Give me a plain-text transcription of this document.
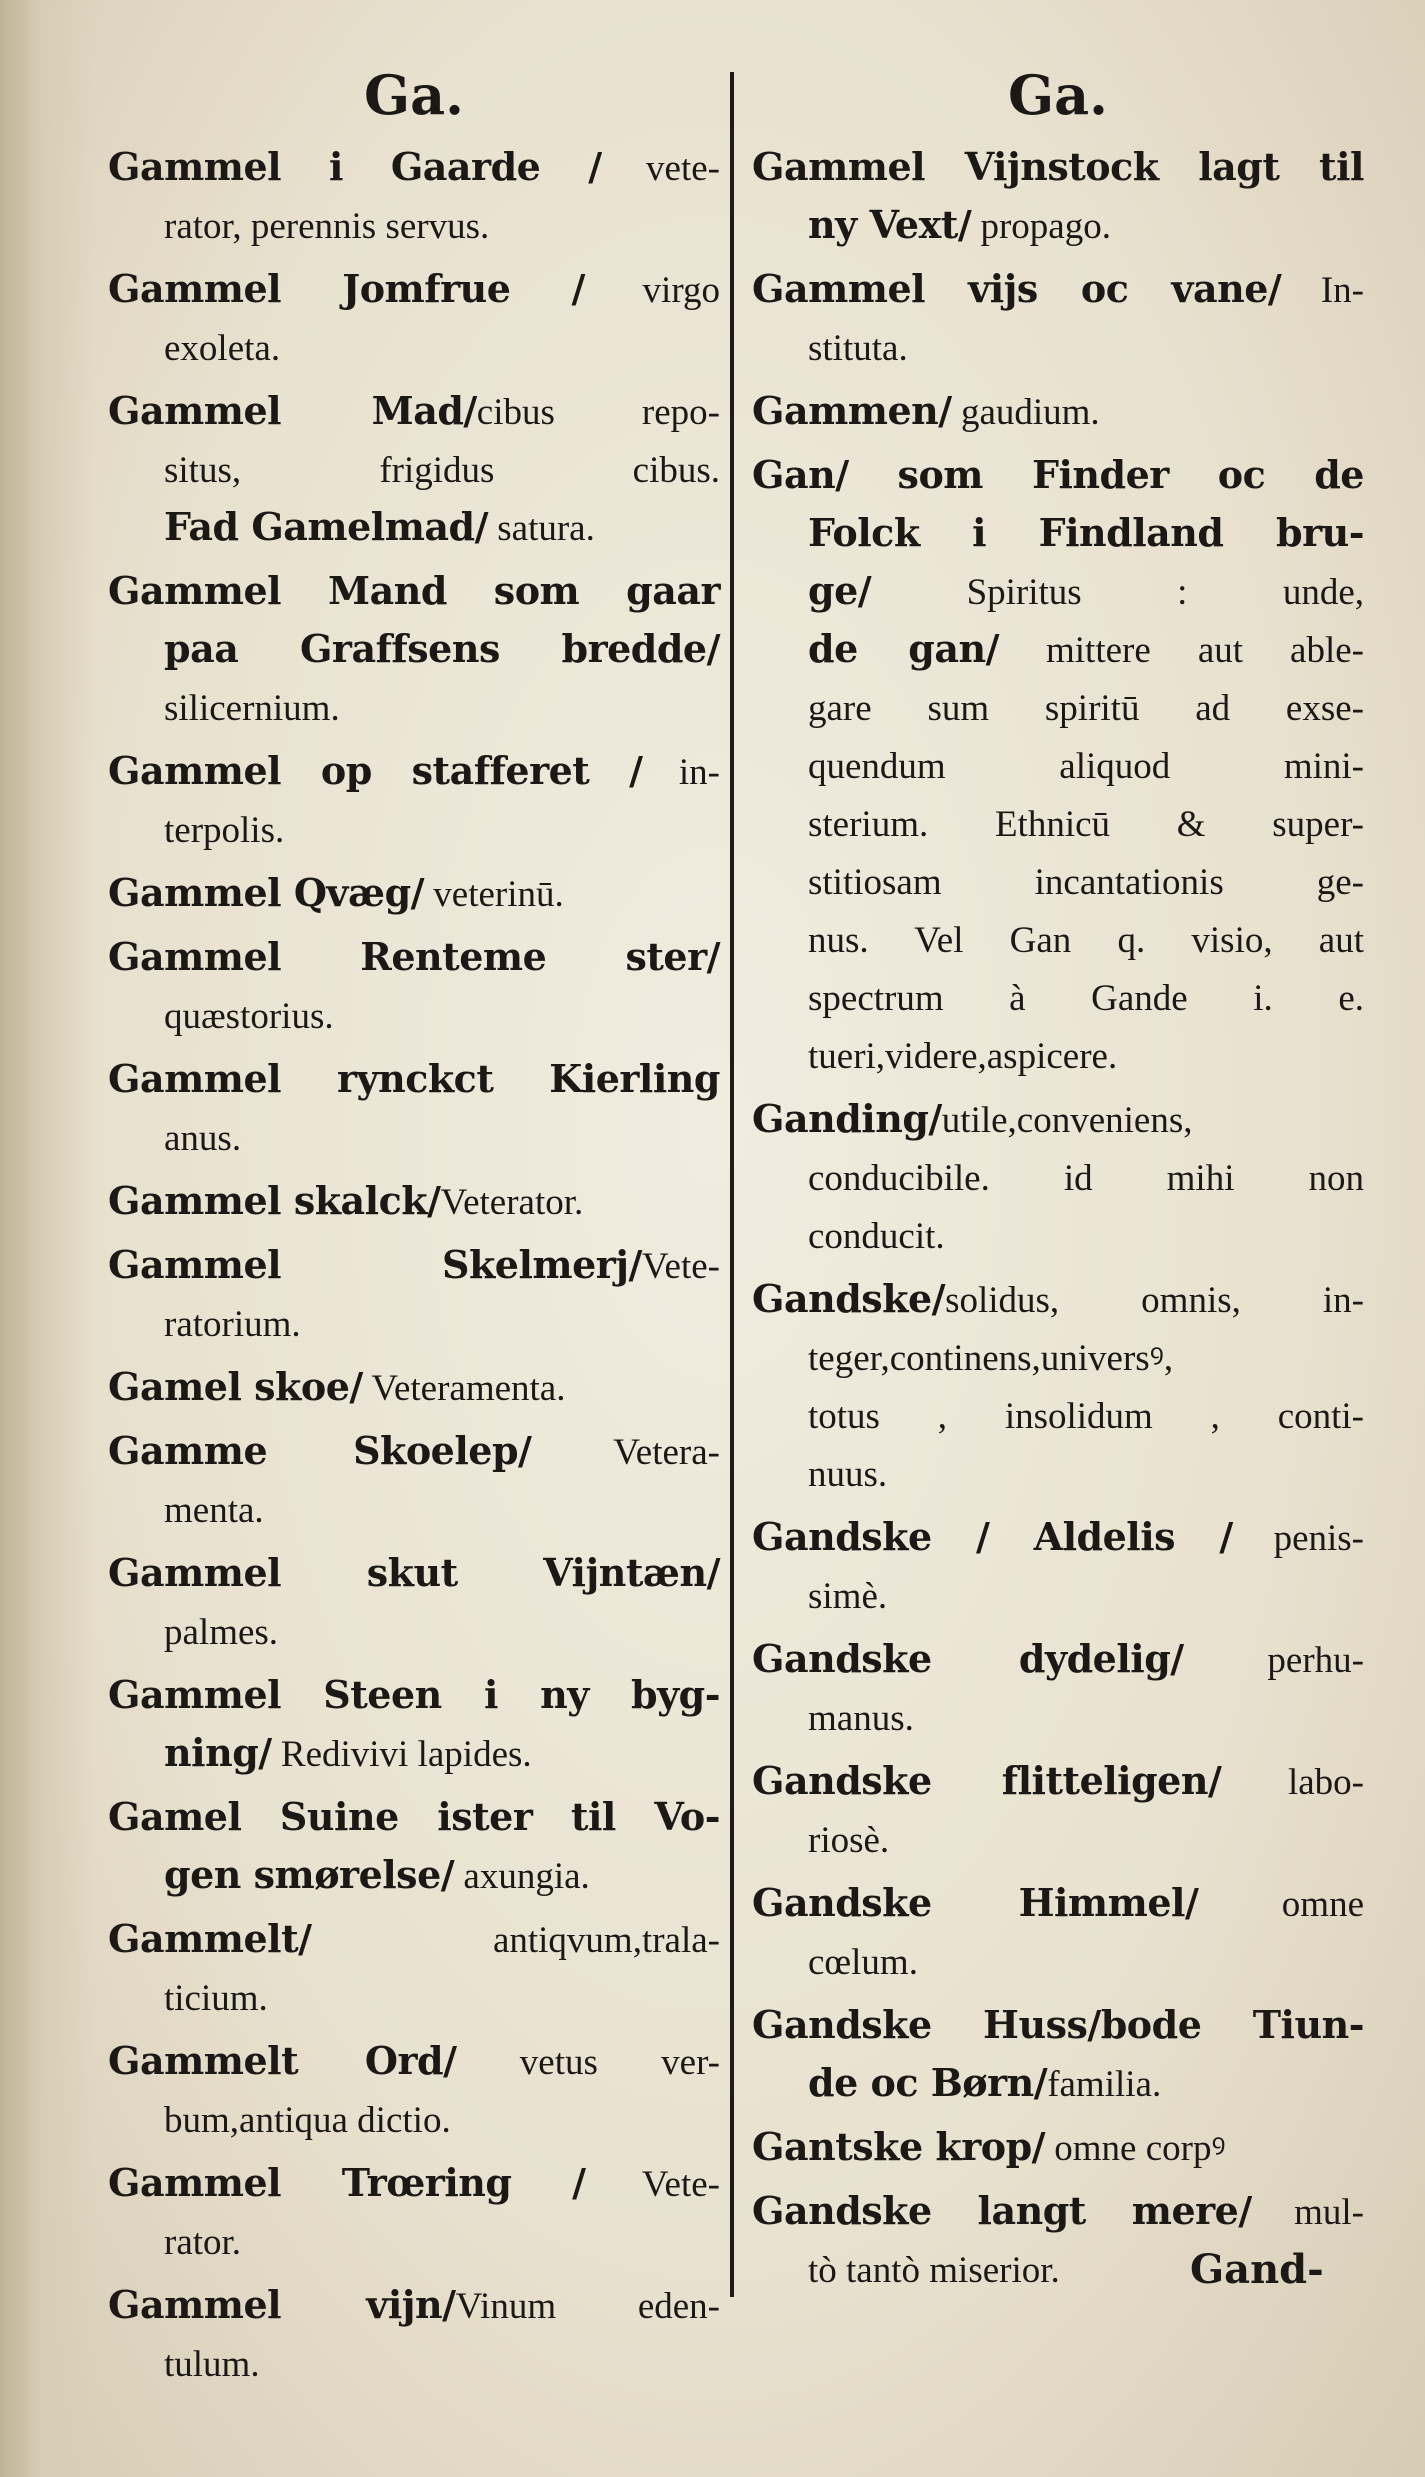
Ga.
Gammel i Gaarde / vete-
rator, perennis servus.
Gammel Jomfrue / virgo
exoleta.
Gammel Mad/cibus repo-
situs, frigidus cibus.
Fad Gamelmad/ satura.
Gammel Mand som gaar
paa Graffsens bredde/
silicernium.
Gammel op stafferet / in-
terpolis.
Gammel Qvæg/ veterinū.
Gammel Renteme ster/
quæstorius.
Gammel rynckct Kierling
anus.
Gammel skalck/Veterator.
Gammel Skelmerj/Vete-
ratorium.
Gamel skoe/ Veteramenta.
Gamme Skoelep/ Vetera-
menta.
Gammel skut Vijntæn/
palmes.
Gammel Steen i ny byg-
ning/ Redivivi lapides.
Gamel Suine ister til Vo-
gen smørelse/ axungia.
Gammelt/ antiqvum,trala-
ticium.
Gammelt Ord/ vetus ver-
bum,antiqua dictio.
Gammel Trœring / Vete-
rator.
Gammel vijn/Vinum eden-
tulum.
Ga.
Gammel Vijnstock lagt til
ny Vext/ propago.
Gammel vijs oc vane/ In-
stituta.
Gammen/ gaudium.
Gan/ som Finder oc de
Folck i Findland bru-
ge/ Spiritus : unde,
de gan/ mittere aut able-
gare sum spiritū ad exse-
quendum aliquod mini-
sterium. Ethnicū & super-
stitiosam incantationis ge-
nus. Vel Gan q. visio, aut
spectrum à Gande i. e.
tueri,videre,aspicere.
Ganding/utile,conveniens,
conducibile. id mihi non
conducit.
Gandske/solidus, omnis, in-
teger,continens,universꝰ,
totus , insolidum , conti-
nuus.
Gandske / Aldelis / penis-
simè.
Gandske dydelig/ perhu-
manus.
Gandske flitteligen/ labo-
riosè.
Gandske Himmel/ omne
cœlum.
Gandske Huss/bode Tiun-
de oc Børn/familia.
Gantske krop/ omne corpꝰ
Gandske langt mere/ mul-
tò tantò miserior.	Gand-
